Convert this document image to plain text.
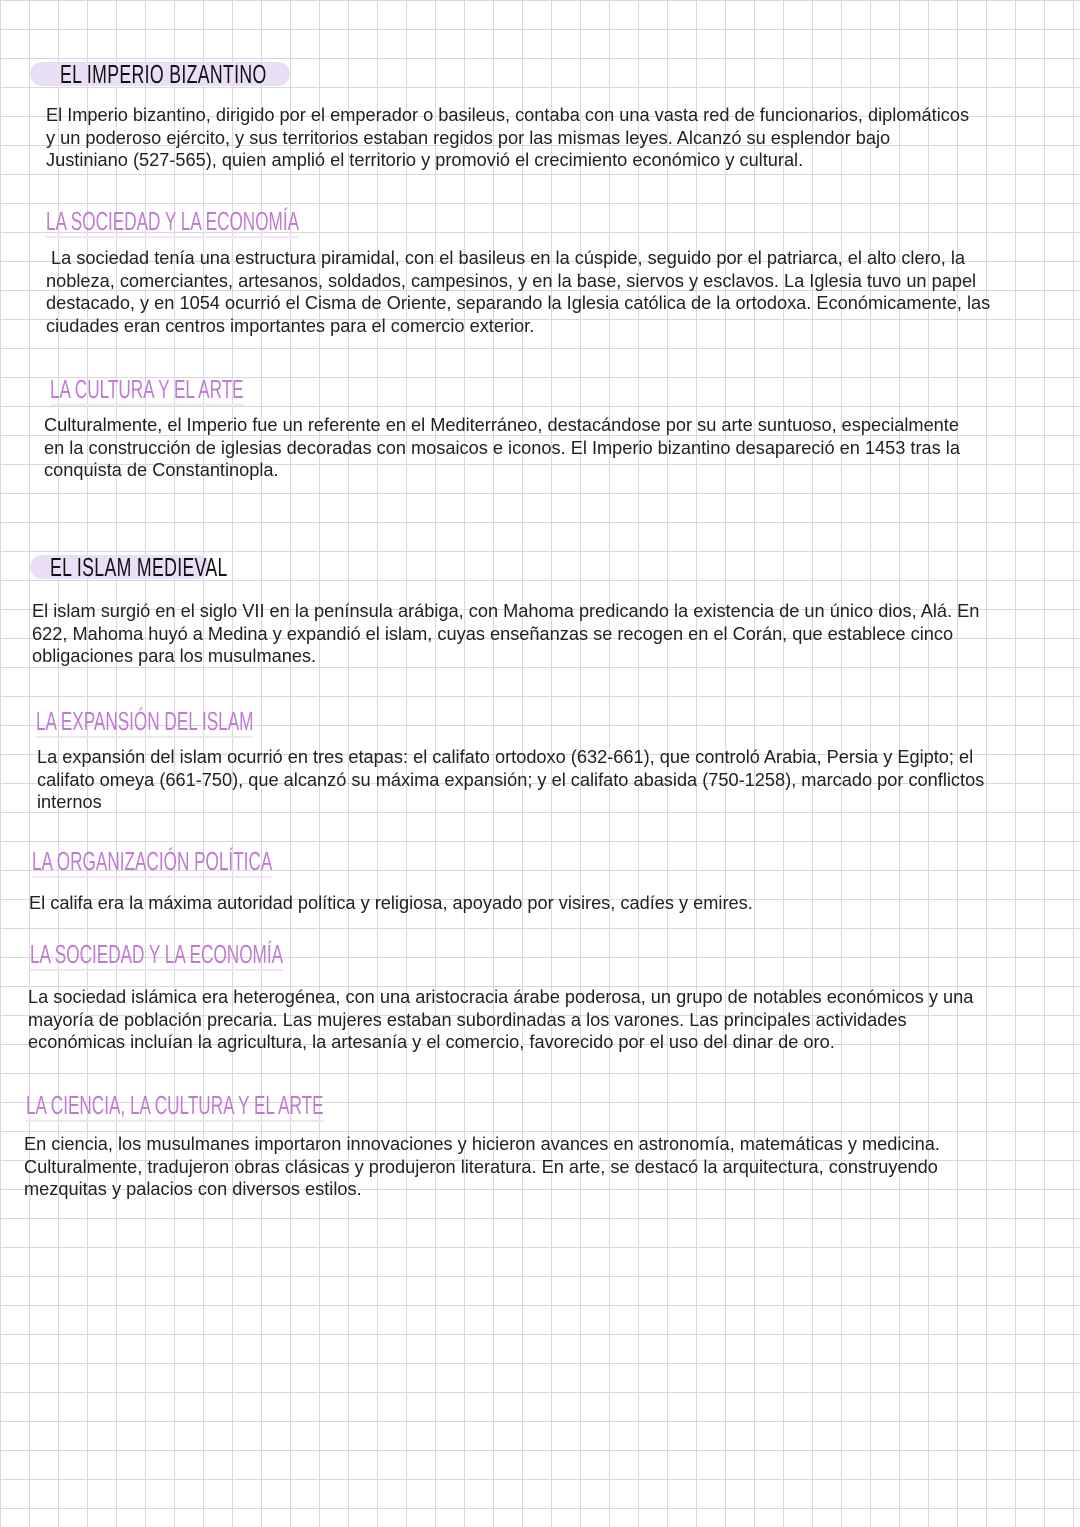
EL IMPERIO BIZANTINO
El Imperio bizantino, dirigido por el emperador o basileus, contaba con una vasta red de funcionarios, diplomáticos
y un poderoso ejército, y sus territorios estaban regidos por las mismas leyes. Alcanzó su esplendor bajo
Justiniano (527-565), quien amplió el territorio y promovió el crecimiento económico y cultural.
LA SOCIEDAD Y LA ECONOMÍA
La sociedad tenía una estructura piramidal, con el basileus en la cúspide, seguido por el patriarca, el alto clero, la
nobleza, comerciantes, artesanos, soldados, campesinos, y en la base, siervos y esclavos. La Iglesia tuvo un papel
destacado, y en 1054 ocurrió el Cisma de Oriente, separando la Iglesia católica de la ortodoxa. Económicamente, las
ciudades eran centros importantes para el comercio exterior.
LA CULTURA Y EL ARTE
Culturalmente, el Imperio fue un referente en el Mediterráneo, destacándose por su arte suntuoso, especialmente
en la construcción de iglesias decoradas con mosaicos e iconos. El Imperio bizantino desapareció en 1453 tras la
conquista de Constantinopla.
EL ISLAM MEDIEVAL
El islam surgió en el siglo VII en la península arábiga, con Mahoma predicando la existencia de un único dios, Alá. En
622, Mahoma huyó a Medina y expandió el islam, cuyas enseñanzas se recogen en el Corán, que establece cinco
obligaciones para los musulmanes.
LA EXPANSIÓN DEL ISLAM
La expansión del islam ocurrió en tres etapas: el califato ortodoxo (632-661), que controló Arabia, Persia y Egipto; el
califato omeya (661-750), que alcanzó su máxima expansión; y el califato abasida (750-1258), marcado por conflictos
internos
LA ORGANIZACIÓN POLÍTICA
El califa era la máxima autoridad política y religiosa, apoyado por visires, cadíes y emires.
LA SOCIEDAD Y LA ECONOMÍA
La sociedad islámica era heterogénea, con una aristocracia árabe poderosa, un grupo de notables económicos y una
mayoría de población precaria. Las mujeres estaban subordinadas a los varones. Las principales actividades
económicas incluían la agricultura, la artesanía y el comercio, favorecido por el uso del dinar de oro.
LA CIENCIA, LA CULTURA Y EL ARTE
En ciencia, los musulmanes importaron innovaciones y hicieron avances en astronomía, matemáticas y medicina.
Culturalmente, tradujeron obras clásicas y produjeron literatura. En arte, se destacó la arquitectura, construyendo
mezquitas y palacios con diversos estilos.
